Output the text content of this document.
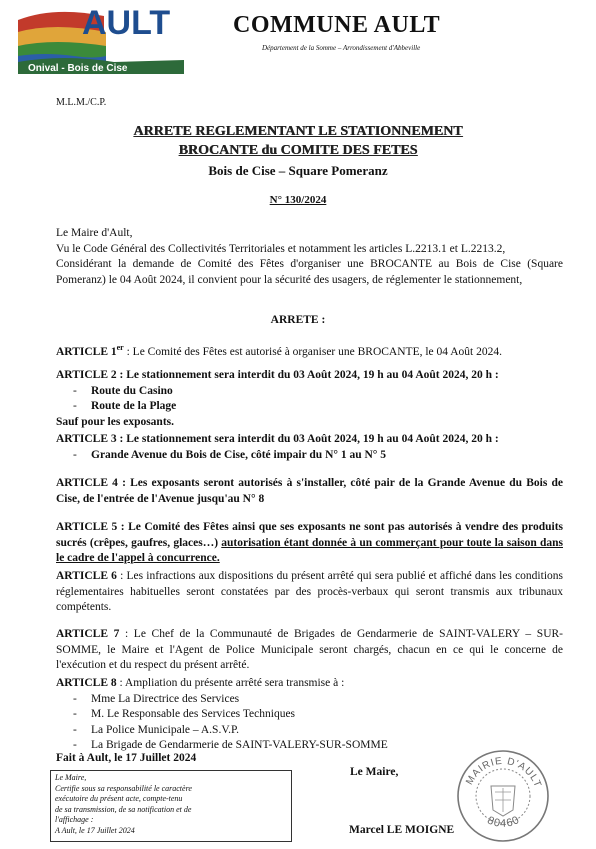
AULT
Onival - Bois de Cise
COMMUNE AULT
Département de la Somme – Arrondissement d'Abbeville
M.L.M./C.P.
ARRETE REGLEMENTANT LE STATIONNEMENT
BROCANTE du COMITE DES FETES
Bois de Cise – Square Pomeranz
N° 130/2024
Le Maire d'Ault,
Vu le Code Général des Collectivités Territoriales et notamment les articles L.2213.1 et L.2213.2,
Considérant la demande de Comité des Fêtes d'organiser une BROCANTE au Bois de Cise (Square Pomeranz) le 04 Août 2024, il convient pour la sécurité des usagers, de réglementer le stationnement,
ARRETE :
ARTICLE 1er : Le Comité des Fêtes est autorisé à organiser une BROCANTE, le 04 Août 2024.
ARTICLE 2 : Le stationnement sera interdit du 03 Août 2024, 19 h au 04 Août 2024, 20 h :
- Route du Casino
- Route de la Plage
Sauf pour les exposants.
ARTICLE 3 : Le stationnement sera interdit du 03 Août 2024, 19 h au 04 Août 2024, 20 h :
- Grande Avenue du Bois de Cise, côté impair du N° 1 au N° 5
ARTICLE 4 : Les exposants seront autorisés à s'installer, côté pair de la Grande Avenue du Bois de Cise, de l'entrée de l'Avenue jusqu'au N° 8
ARTICLE 5 : Le Comité des Fêtes ainsi que ses exposants ne sont pas autorisés à vendre des produits sucrés (crêpes, gaufres, glaces…) autorisation étant donnée à un commerçant pour toute la saison dans le cadre de l'appel à concurrence.
ARTICLE 6 : Les infractions aux dispositions du présent arrêté qui sera publié et affiché dans les conditions réglementaires habituelles seront constatées par des procès-verbaux qui seront transmis aux tribunaux compétents.
ARTICLE 7 : Le Chef de la Communauté de Brigades de Gendarmerie de SAINT-VALERY – SUR-SOMME, le Maire et l'Agent de Police Municipale seront chargés, chacun en ce qui le concerne de l'exécution et du respect du présent arrêté.
ARTICLE 8 : Ampliation du présente arrêté sera transmise à :
- Mme La Directrice des Services
- M. Le Responsable des Services Techniques
- La Police Municipale – A.S.V.P.
- La Brigade de Gendarmerie de SAINT-VALERY-SUR-SOMME
Fait à Ault, le 17 Juillet 2024
Le Maire,
Marcel LE MOIGNE
Le Maire,
Certifie sous sa responsabilité le caractère
exécutoire du présent acte, compte-tenu
de sa transmission, de sa notification et de
l'affichage :
A Ault, le 17 Juillet 2024
MAIRIE D'AULT
80460
